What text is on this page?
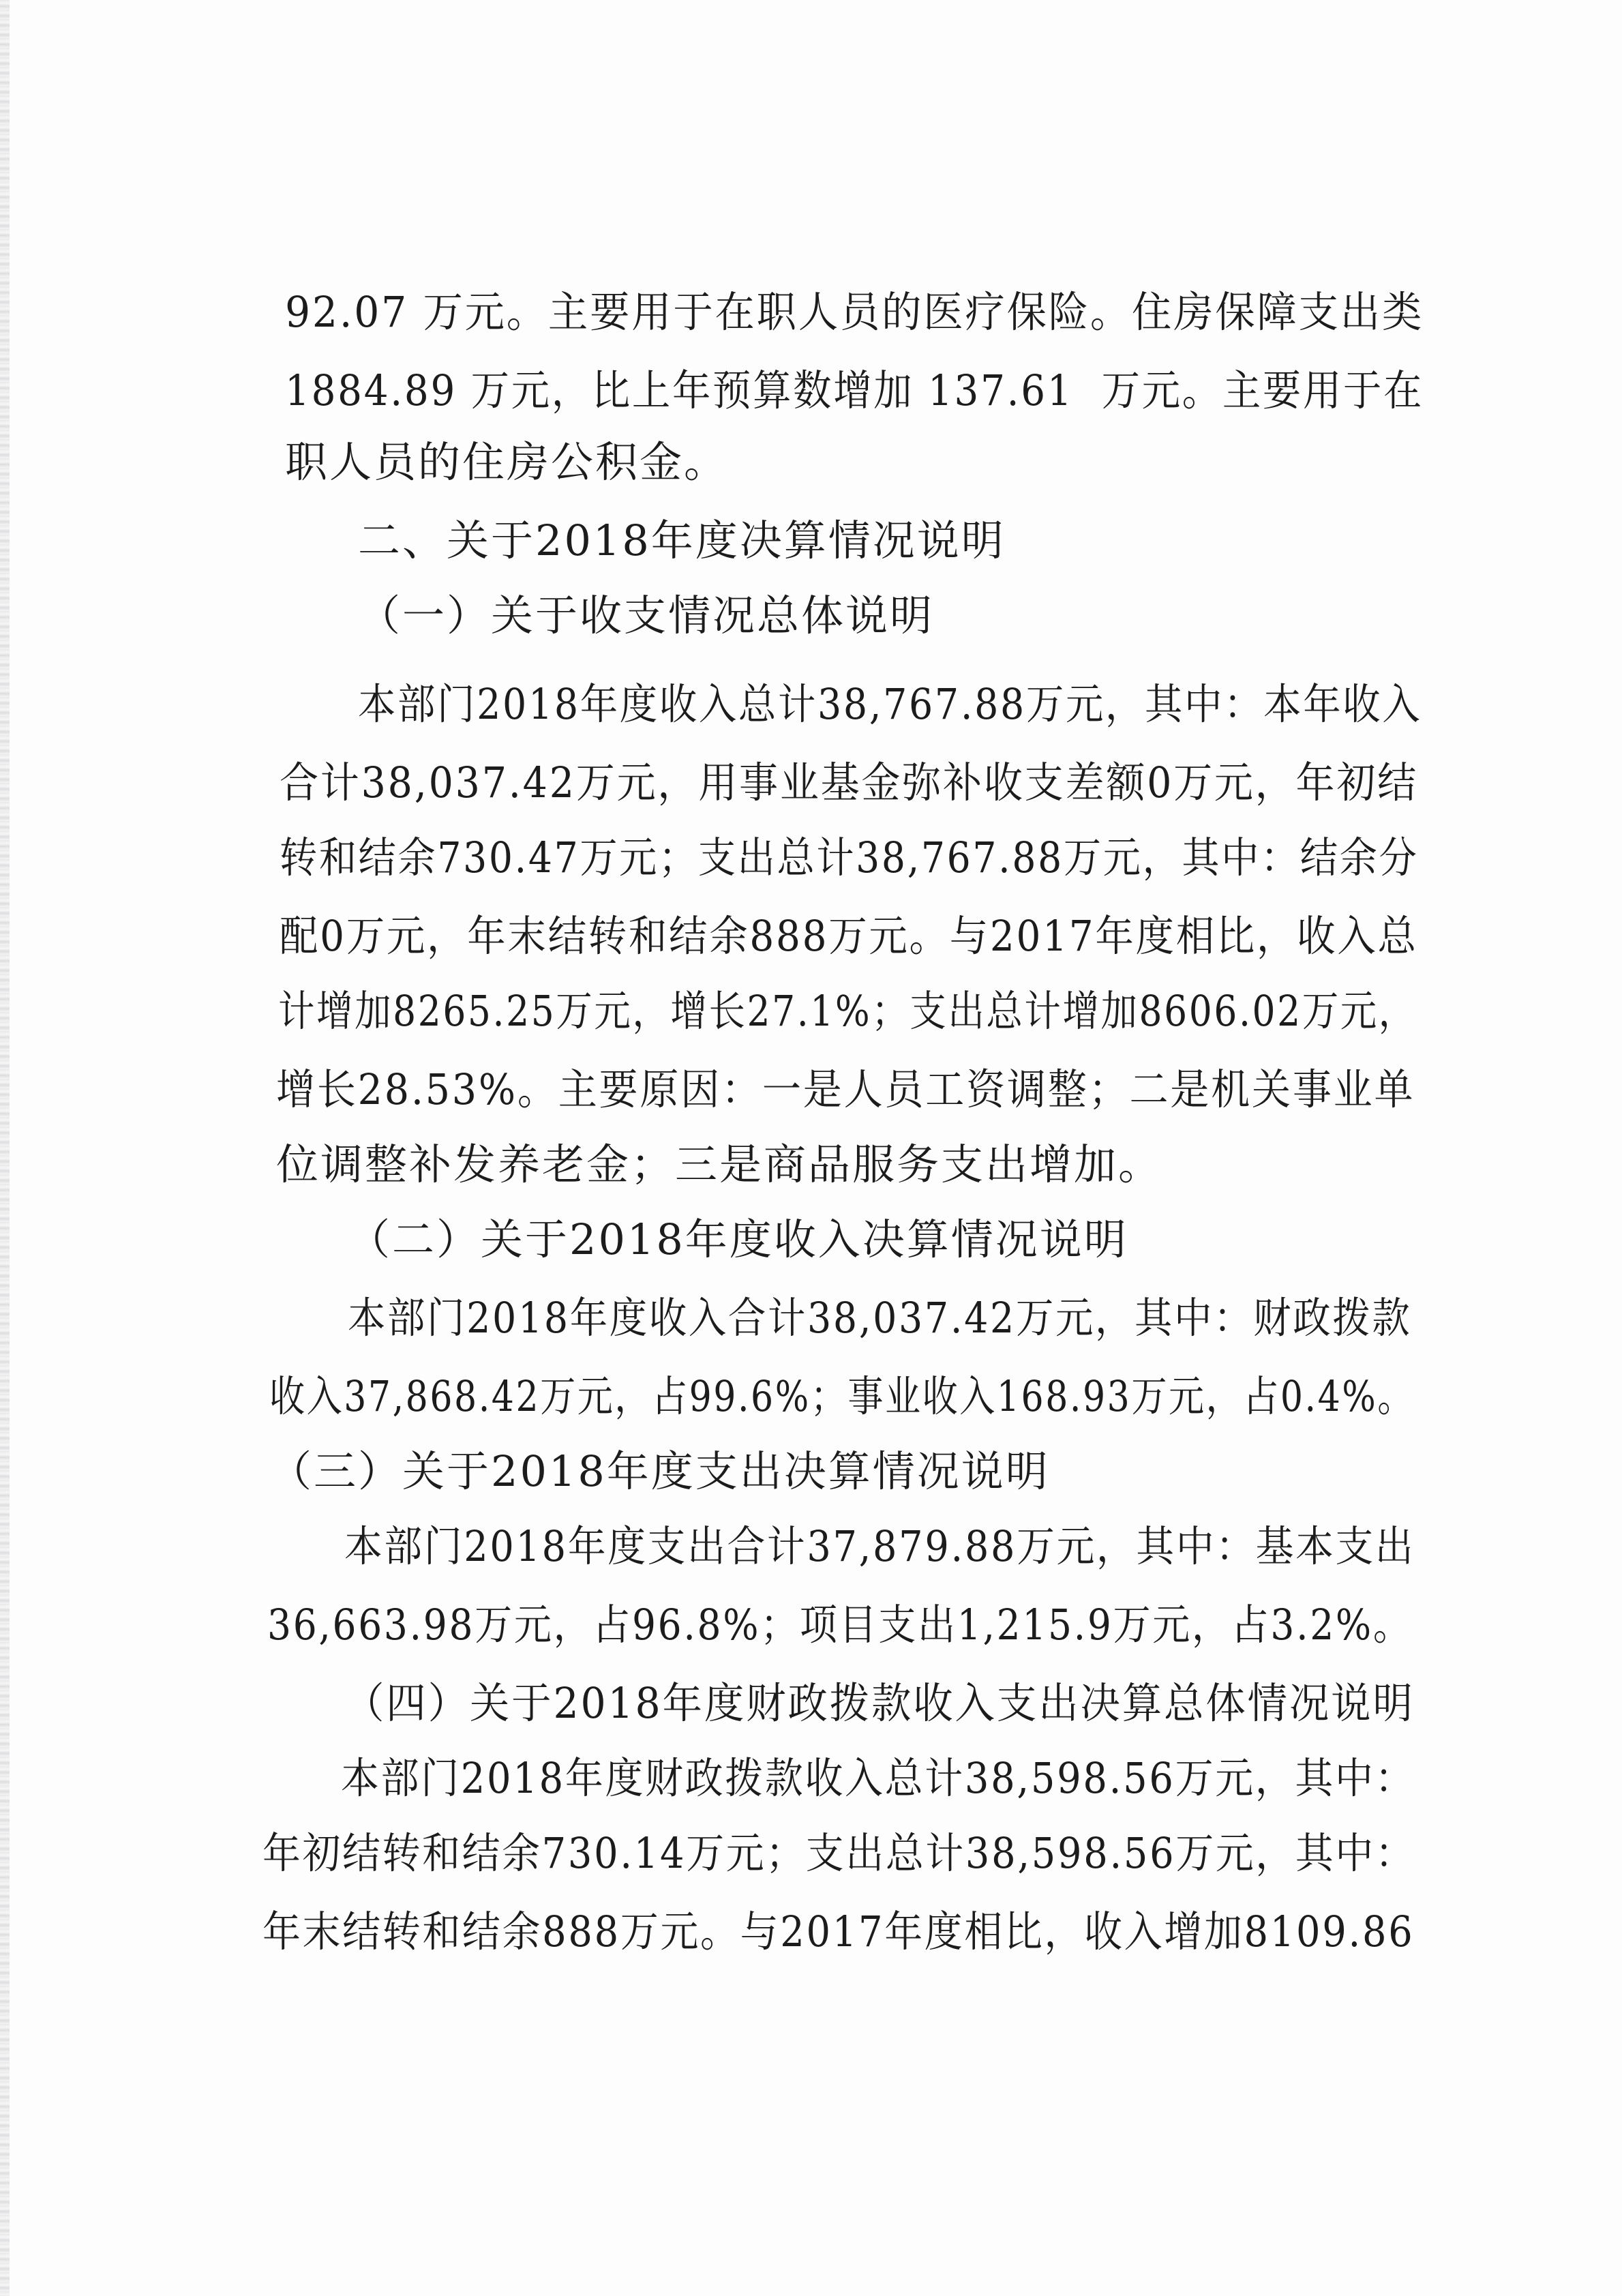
92.07 万元。主要用于在职人员的医疗保险。住房保障支出类
1884.89 万元，比上年预算数增加 137.61  万元。主要用于在
职人员的住房公积金。
二、关于2018年度决算情况说明
（一）关于收支情况总体说明
本部门2018年度收入总计38,767.88万元，其中：本年收入
合计38,037.42万元，用事业基金弥补收支差额0万元，年初结
转和结余730.47万元；支出总计38,767.88万元，其中：结余分
配0万元，年末结转和结余888万元。与2017年度相比，收入总
计增加8265.25万元，增长27.1%；支出总计增加8606.02万元，
增长28.53%。主要原因：一是人员工资调整；二是机关事业单
位调整补发养老金；三是商品服务支出增加。
（二）关于2018年度收入决算情况说明
本部门2018年度收入合计38,037.42万元，其中：财政拨款
收入37,868.42万元，占99.6%；事业收入168.93万元，占0.4%。
（三）关于2018年度支出决算情况说明
本部门2018年度支出合计37,879.88万元，其中：基本支出
36,663.98万元，占96.8%；项目支出1,215.9万元，占3.2%。
（四）关于2018年度财政拨款收入支出决算总体情况说明
本部门2018年度财政拨款收入总计38,598.56万元，其中：
年初结转和结余730.14万元；支出总计38,598.56万元，其中：
年末结转和结余888万元。与2017年度相比，收入增加8109.86
